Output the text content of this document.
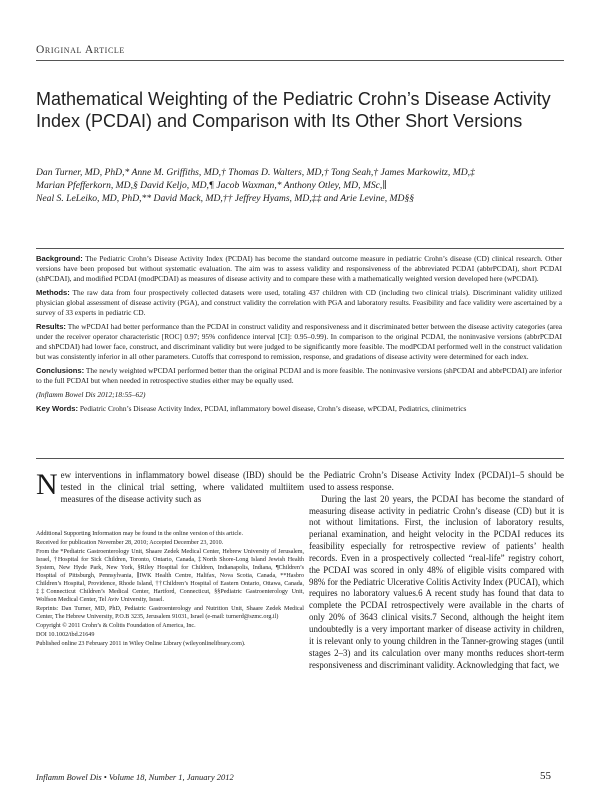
Original Article
Mathematical Weighting of the Pediatric Crohn’s Disease Activity Index (PCDAI) and Comparison with Its Other Short Versions
Dan Turner, MD, PhD,* Anne M. Griffiths, MD,† Thomas D. Walters, MD,† Tong Seah,† James Markowitz, MD,‡
Marian Pfefferkorn, MD,§ David Keljo, MD,¶ Jacob Waxman,* Anthony Otley, MD, MSc,∥
Neal S. LeLeiko, MD, PhD,** David Mack, MD,†† Jeffrey Hyams, MD,‡‡ and Arie Levine, MD§§

Background: The Pediatric Crohn’s Disease Activity Index (PCDAI) has become the standard outcome measure in pediatric Crohn’s disease (CD) clinical research. Other versions have been proposed but without systematic evaluation. The aim was to assess validity and responsiveness of the abbreviated PCDAI (abbrPCDAI), short PCDAI (shPCDAI), and modified PCDAI (modPCDAI) as measures of disease activity and to compare these with a mathematically weighted version developed here (wPCDAI).

Methods: The raw data from four prospectively collected datasets were used, totaling 437 children with CD (including two clinical trials). Discriminant validity utilized physician global assessment of disease activity (PGA), and construct validity the correlation with PGA and laboratory results. Feasibility and face validity were ascertained by a survey of 33 experts in pediatric CD.

Results: The wPCDAI had better performance than the PCDAI in construct validity and responsiveness and it discriminated better between the disease activity categories (area under the receiver operator characteristic [ROC] 0.97; 95% confidence interval [CI]: 0.95–0.99). In comparison to the original PCDAI, the noninvasive versions (abbrPCDAI and shPCDAI) had lower face, construct, and discriminant validity but were judged to be significantly more feasible. The modPCDAI performed well in the construct validation but was consistently inferior in all other parameters. Cutoffs that correspond to remission, response, and gradations of disease activity were determined for each index.

Conclusions: The newly weighted wPCDAI performed better than the original PCDAI and is more feasible. The noninvasive versions (shPCDAI and abbrPCDAI) are inferior to the full PCDAI but when needed in retrospective studies either may be equally used.

(Inflamm Bowel Dis 2012;18:55–62)

Key Words: Pediatric Crohn’s Disease Activity Index, PCDAI, inflammatory bowel disease, Crohn’s disease, wPCDAI, Pediatrics, clinimetrics

New interventions in inflammatory bowel disease (IBD) should be tested in the clinical trial setting, where validated multiitem measures of the disease activity such as

Additional Supporting Information may be found in the online version of this article.

Received for publication November 28, 2010; Accepted December 23, 2010.

From the *Pediatric Gastroenterology Unit, Shaare Zedek Medical Center, Hebrew University of Jerusalem, Israel, †Hospital for Sick Children, Toronto, Ontario, Canada, ‡North Shore-Long Island Jewish Health System, New Hyde Park, New York, §Riley Hospital for Children, Indianapolis, Indiana, ¶Children’s Hospital of Pittsburgh, Pennsylvania, ∥IWK Health Centre, Halifax, Nova Scotia, Canada, **Hasbro Children’s Hospital, Providence, Rhode Island, ††Children’s Hospital of Eastern Ontario, Ottawa, Canada, ‡‡Connecticut Children’s Medical Center, Hartford, Connecticut, §§Pediatric Gastroenterology Unit, Wolfson Medical Center, Tel Aviv University, Israel.

Reprints: Dan Turner, MD, PhD, Pediatric Gastroenterology and Nutrition Unit, Shaare Zedek Medical Center, The Hebrew University, P.O.B 3235, Jerusalem 91031, Israel (e-mail: turnerd@szmc.org.il)

Copyright © 2011 Crohn’s & Colitis Foundation of America, Inc.

DOI 10.1002/ibd.21649

Published online 23 February 2011 in Wiley Online Library (wileyonlinelibrary.com).

the Pediatric Crohn’s Disease Activity Index (PCDAI)1–5 should be used to assess response.

During the last 20 years, the PCDAI has become the standard of measuring disease activity in pediatric Crohn’s disease (CD) but it is not without limitations. First, the inclusion of laboratory results, perianal examination, and height velocity in the PCDAI reduces its feasibility especially for retrospective review of patients’ health records. Even in a prospectively collected “real-life” registry cohort, the PCDAI was scored in only 48% of eligible visits compared with 98% for the Pediatric Ulcerative Colitis Activity Index (PUCAI), which requires no laboratory values.6 A recent study has found that data to complete the PCDAI retrospectively were available in the charts of only 20% of 3643 clinical visits.7 Second, although the height item undoubtedly is a very important marker of disease activity in children, it is relevant only to young children in the Tanner-growing stages (until stages 2–3) and its calculation over many months reduces short-term responsiveness and discriminant validity. Acknowledging that fact, we

Inflamm Bowel Dis • Volume 18, Number 1, January 2012	55
